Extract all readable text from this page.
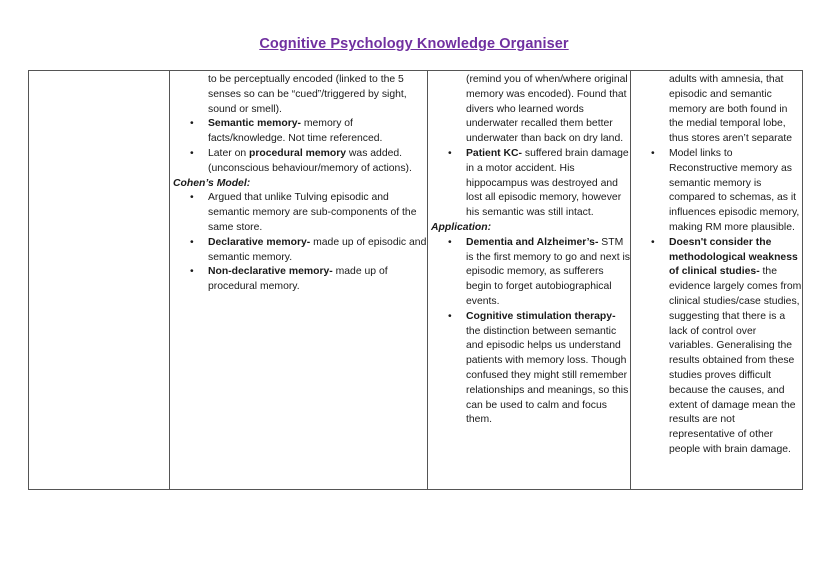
Cognitive Psychology Knowledge Organiser

to be perceptually encoded (linked to the 5 senses so can be “cued”/triggered by sight, sound or smell).

• Semantic memory- memory of facts/knowledge. Not time referenced.
• Later on procedural memory was added. (unconscious behaviour/memory of actions).

Cohen’s Model:

• Argued that unlike Tulving episodic and semantic memory are sub-components of the same store.
• Declarative memory- made up of episodic and semantic memory.
• Non-declarative memory- made up of procedural memory.

(remind you of when/where original memory was encoded). Found that divers who learned words underwater recalled them better underwater than back on dry land.

• Patient KC- suffered brain damage in a motor accident. His hippocampus was destroyed and lost all episodic memory, however his semantic was still intact.

Application:

• Dementia and Alzheimer’s- STM is the first memory to go and next is episodic memory, as sufferers begin to forget autobiographical events.
• Cognitive stimulation therapy- the distinction between semantic and episodic helps us understand patients with memory loss. Though confused they might still remember relationships and meanings, so this can be used to calm and focus them.

adults with amnesia, that episodic and semantic memory are both found in the medial temporal lobe, thus stores aren’t separate

• Model links to Reconstructive memory as semantic memory is compared to schemas, as it influences episodic memory, making RM more plausible.
• Doesn't consider the methodological weakness of clinical studies- the evidence largely comes from clinical studies/case studies, suggesting that there is a lack of control over variables. Generalising the results obtained from these studies proves difficult because the causes, and extent of damage mean the results are not representative of other people with brain damage.
